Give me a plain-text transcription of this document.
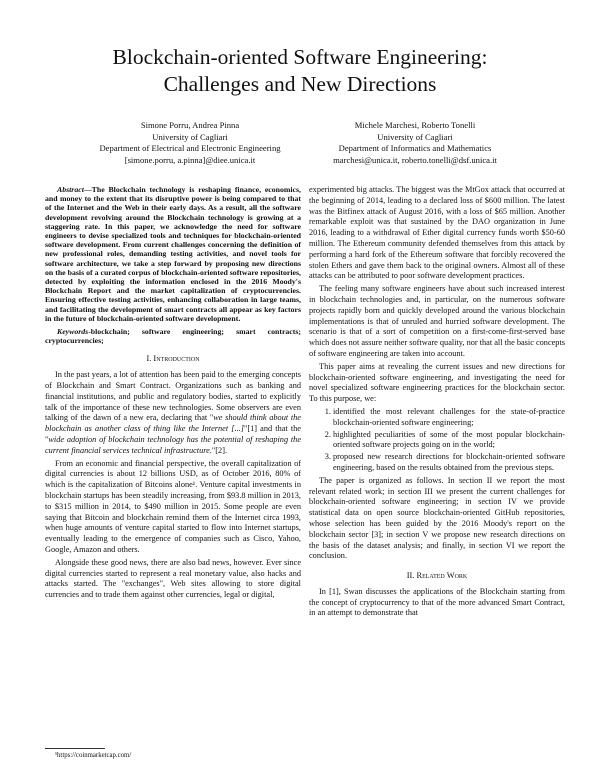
Blockchain-oriented Software Engineering:
Challenges and New Directions
Simone Porru, Andrea Pinna
University of Cagliari
Department of Electrical and Electronic Engineering
[simone.porru, a.pinna]@diee.unica.it
Michele Marchesi, Roberto Tonelli
University of Cagliari
Department of Informatics and Mathematics
marchesi@unica.it, roberto.tonelli@dsf.unica.it
Abstract—The Blockchain technology is reshaping finance, economics, and money to the extent that its disruptive power is being compared to that of the Internet and the Web in their early days. As a result, all the software development revolving around the Blockchain technology is growing at a staggering rate. In this paper, we acknowledge the need for software engineers to devise specialized tools and techniques for blockchain-oriented software development. From current challenges concerning the definition of new professional roles, demanding testing activities, and novel tools for software architecture, we take a step forward by proposing new directions on the basis of a curated corpus of blockchain-oriented software repositories, detected by exploiting the information enclosed in the 2016 Moody's Blockchain Report and the market capitalization of cryptocurrencies. Ensuring effective testing activities, enhancing collaboration in large teams, and facilitating the development of smart contracts all appear as key factors in the future of blockchain-oriented software development.
Keywords-blockchain; software engineering; smart contracts; cryptocurrencies;
I. Introduction

In the past years, a lot of attention has been paid to the emerging concepts of Blockchain and Smart Contract. Organizations such as banking and financial institutions, and public and regulatory bodies, started to explicitly talk of the importance of these new technologies. Some observers are even talking of the dawn of a new era, declaring that "we should think about the blockchain as another class of thing like the Internet [...]"[1] and that the "wide adoption of blockchain technology has the potential of reshaping the current financial services technical infrastructure."[2].

From an economic and financial perspective, the overall capitalization of digital currencies is about 12 billions USD, as of October 2016, 80% of which is the capitalization of Bitcoins alone¹. Venture capital investments in blockchain startups has been steadily increasing, from $93.8 million in 2013, to $315 million in 2014, to $490 million in 2015. Some people are even saying that Bitcoin and blockchain remind them of the Internet circa 1993, when huge amounts of venture capital started to flow into Internet startups, eventually leading to the emergence of companies such as Cisco, Yahoo, Google, Amazon and others.

Alongside these good news, there are also bad news, however. Ever since digital currencies started to represent a real monetary value, also hacks and attacks started. The "exchanges", Web sites allowing to store digital currencies and to trade them against other currencies, legal or digital,

experimented big attacks. The biggest was the MtGox attack that occurred at the beginning of 2014, leading to a declared loss of $600 million. The latest was the Bitfinex attack of August 2016, with a loss of $65 million. Another remarkable exploit was that sustained by the DAO organization in June 2016, leading to a withdrawal of Ether digital currency funds worth $50-60 million. The Ethereum community defended themselves from this attack by performing a hard fork of the Ethereum software that forcibly recovered the stolen Ethers and gave them back to the original owners. Almost all of these attacks can be attributed to poor software development practices.

The feeling many software engineers have about such increased interest in blockchain technologies and, in particular, on the numerous software projects rapidly born and quickly developed around the various blockchain implementations is that of unruled and hurried software development. The scenario is that of a sort of competition on a first-come-first-served base which does not assure neither software quality, nor that all the basic concepts of software engineering are taken into account.

This paper aims at revealing the current issues and new directions for blockchain-oriented software engineering, and investigating the need for novel specialized software engineering practices for the blockchain sector. To this purpose, we:

1. identified the most relevant challenges for the state-of-practice blockchain-oriented software engineering;
2. highlighted peculiarities of some of the most popular blockchain-oriented software projects going on in the world;
3. proposed new research directions for blockchain-oriented software engineering, based on the results obtained from the previous steps.

The paper is organized as follows. In section II we report the most relevant related work; in section III we present the current challenges for blockchain-oriented software engineering; in section IV we provide statistical data on open source blockchain-oriented GitHub repositories, whose selection has been guided by the 2016 Moody's report on the blockchain sector [3]; in section V we propose new research directions on the basis of the dataset analysis; and finally, in section VI we report the conclusion.

II. Related Work

In [1], Swan discusses the applications of the Blockchain starting from the concept of cryptocurrency to that of the more advanced Smart Contract, in an attempt to demonstrate that

¹https://coinmarketcap.com/
